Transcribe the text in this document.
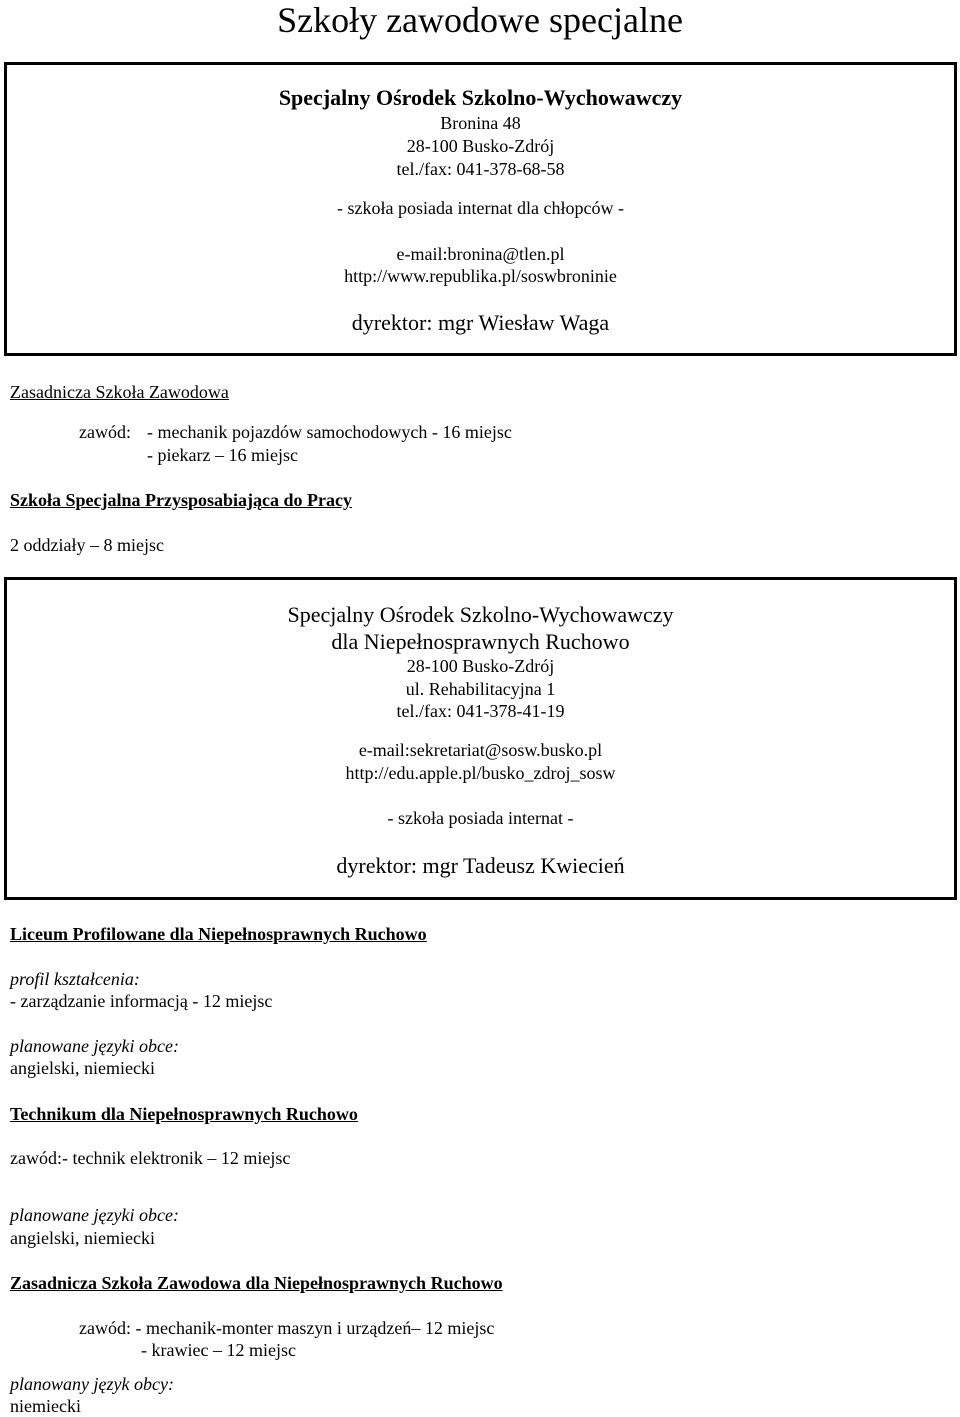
Szkoły zawodowe specjalne
Specjalny Ośrodek Szkolno-Wychowawczy
Bronina 48
28-100 Busko-Zdrój
tel./fax: 041-378-68-58
- szkoła posiada internat dla chłopców -
e-mail:bronina@tlen.pl
http://www.republika.pl/soswbroninie
dyrektor: mgr Wiesław Waga
Zasadnicza Szkoła Zawodowa
zawód: - mechanik pojazdów samochodowych - 16 miejsc
- piekarz – 16 miejsc
Szkoła Specjalna Przysposabiająca do Pracy
2 oddziały – 8 miejsc
Specjalny Ośrodek Szkolno-Wychowawczy
dla Niepełnosprawnych Ruchowo
28-100 Busko-Zdrój
ul. Rehabilitacyjna 1
tel./fax: 041-378-41-19
e-mail:sekretariat@sosw.busko.pl
http://edu.apple.pl/busko_zdroj_sosw
- szkoła posiada internat -
dyrektor: mgr Tadeusz Kwiecień
Liceum Profilowane dla Niepełnosprawnych Ruchowo
profil kształcenia:
- zarządzanie informacją - 12 miejsc
planowane języki obce:
angielski, niemiecki
Technikum dla Niepełnosprawnych Ruchowo
zawód:- technik elektronik – 12 miejsc
planowane języki obce:
angielski, niemiecki
Zasadnicza Szkoła Zawodowa dla Niepełnosprawnych Ruchowo
zawód: - mechanik-monter maszyn i urządzeń– 12 miejsc
- krawiec – 12 miejsc
planowany język obcy:
niemiecki
